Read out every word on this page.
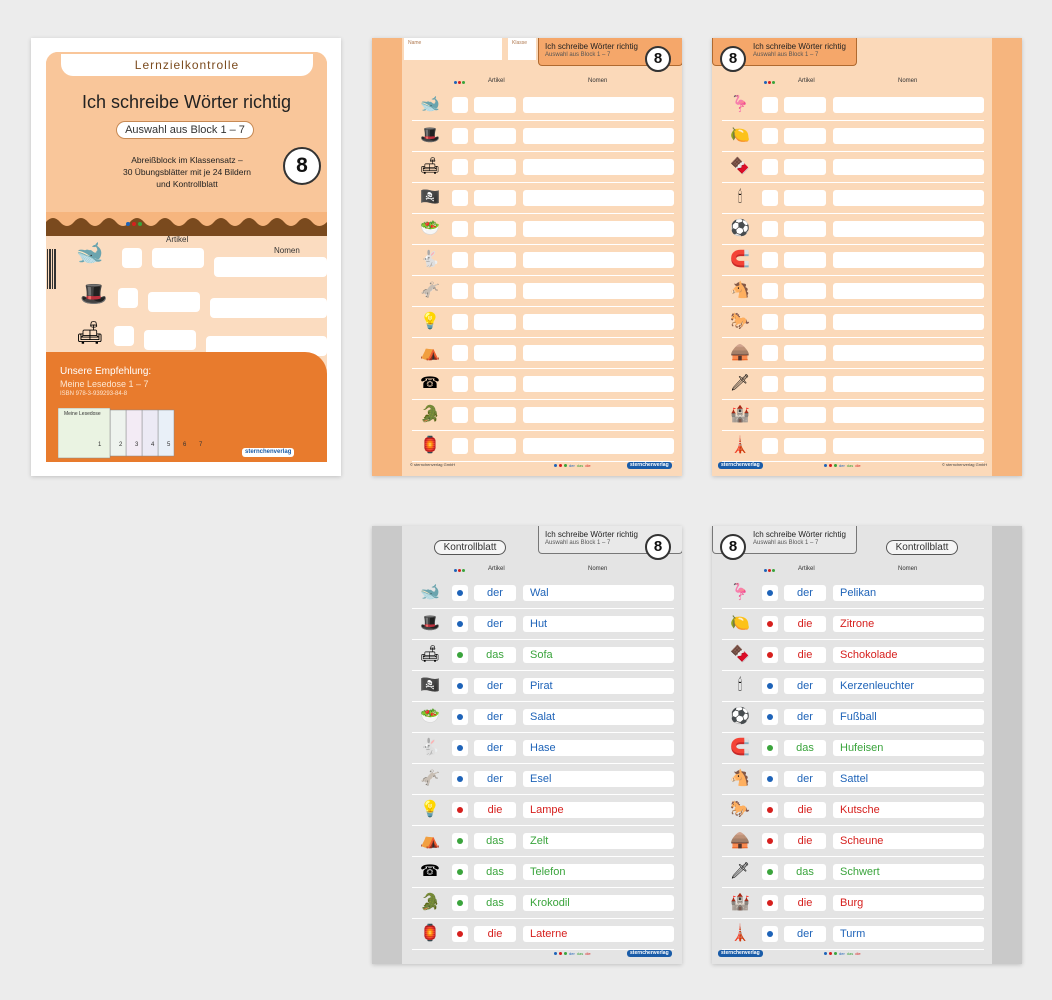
Lernzielkontrolle
Ich schreibe Wörter richtig
Auswahl aus Block 1 – 7
Abreißblock im Klassensatz –
30 Übungsblätter mit je 24 Bildern
und Kontrollblatt
8
Artikel
Nomen
🐋
🎩
🛋
Unsere Empfehlung:
Meine Lesedose 1 – 7
ISBN 978-3-939293-84-8
Meine Lesedose
1	2 3 4 5 6 7
sternchenverlag
Name	Klasse	Ich schreibe Wörter richtig
Auswahl aus Block 1 – 7	8
Artikel	Nomen
🐋
🎩
🛋
🏴‍☠️
🥗
🐇
🫏
💡
⛺
☎
🐊
🏮
© sternchenverlag GmbH	der das die	sternchenverlag
Ich schreibe Wörter richtig
Auswahl aus Block 1 – 7
8
Artikel	Nomen
🦩
🍋
🍫
🕯
⚽
🧲
🐴
🐎
🛖
🗡
🏰
🗼
sternchenverlag	der das die	© sternchenverlag GmbH
Kontrollblatt
Ich schreibe Wörter richtig
Auswahl aus Block 1 – 7	8
Artikel	Nomen
🐋	der	Wal
🎩	der	Hut
🛋	das	Sofa
🏴‍☠️	der	Pirat
🥗	der	Salat
🐇	der	Hase
🫏	der	Esel
💡	die	Lampe
⛺	das	Zelt
☎	das	Telefon
🐊	das	Krokodil
🏮	die	Laterne
der das die	sternchenverlag
Ich schreibe Wörter richtig
Auswahl aus Block 1 – 7
8	Kontrollblatt
Artikel	Nomen
🦩	der	Pelikan
🍋	die	Zitrone
🍫	die	Schokolade
🕯	der	Kerzenleuchter
⚽	der	Fußball
🧲	das	Hufeisen
🐴	der	Sattel
🐎	die	Kutsche
🛖	die	Scheune
🗡	das	Schwert
🏰	die	Burg
🗼	der	Turm
sternchenverlag	der das die
